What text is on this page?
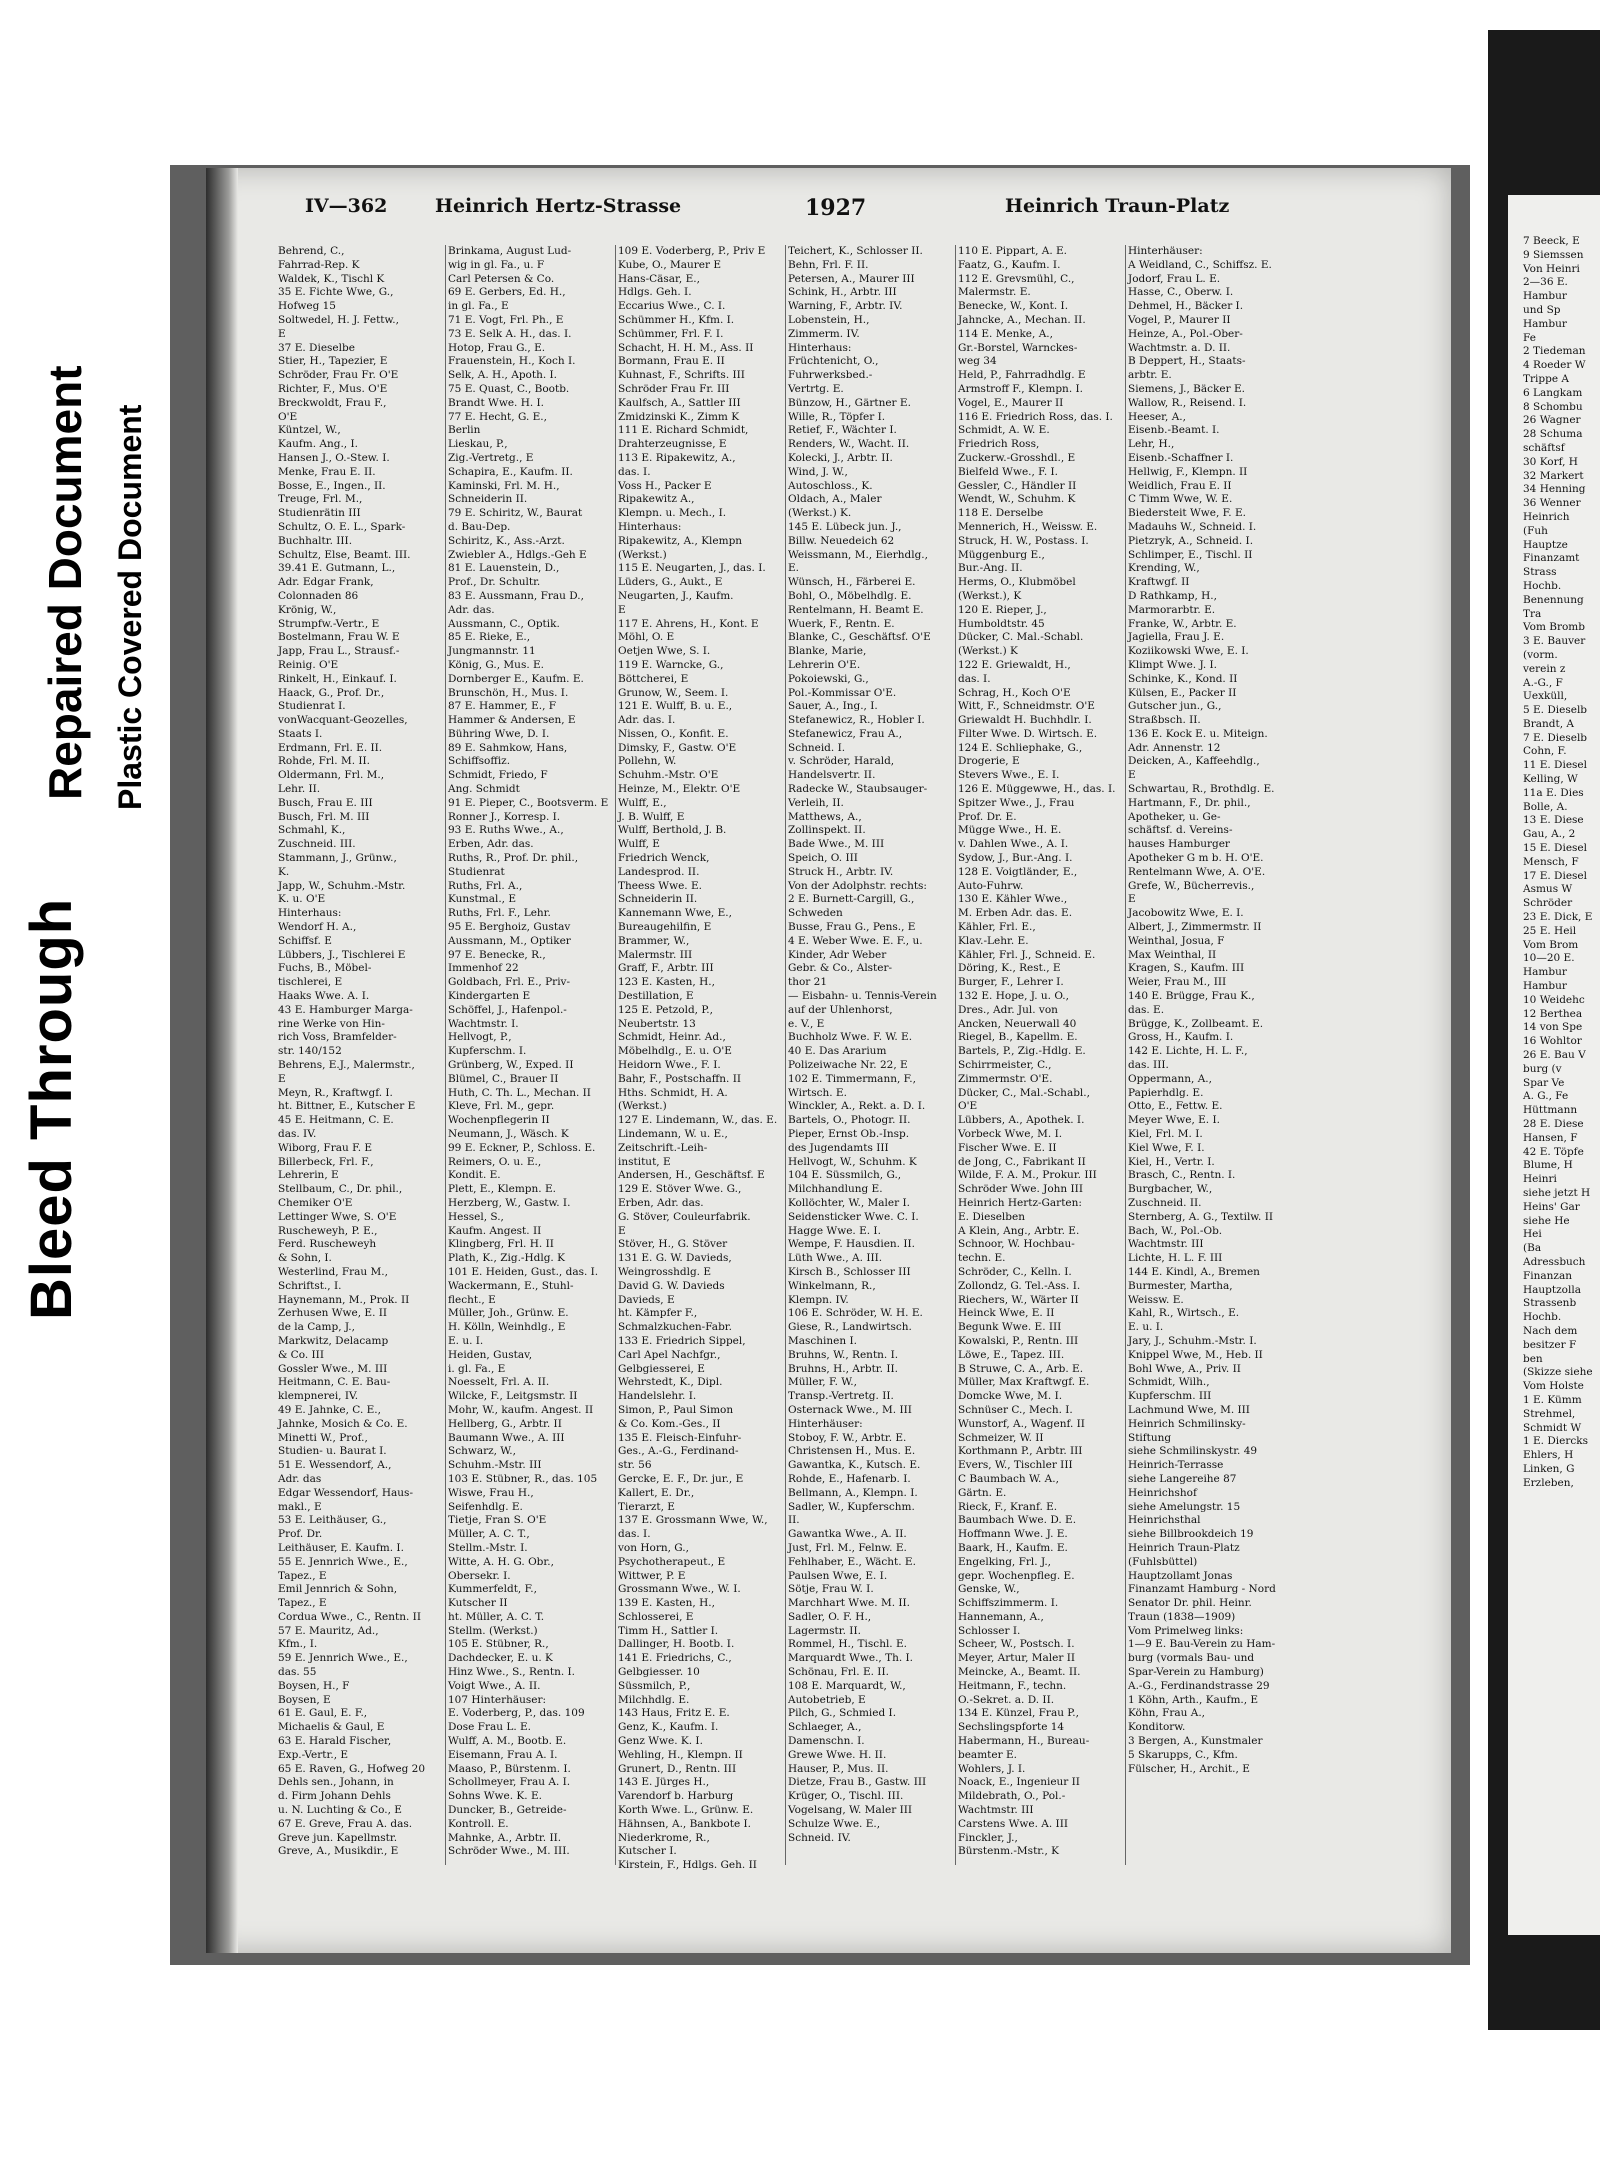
Bleed Through
Repaired Document Plastic Covered Document
IV—362	Heinrich Hertz-Strasse	1927	Heinrich Traun-Platz
Behrend, C.,
Fahrrad-Rep. K
Waldek, K., Tischl K
35 E. Fichte Wwe, G.,
Hofweg 15
Soltwedel, H. J. Fettw.,
E
37 E. Dieselbe
Stier, H., Tapezier, E
Schröder, Frau Fr. O'E
Richter, F., Mus. O'E
Breckwoldt, Frau F.,
O'E
Küntzel, W.,
Kaufm. Ang., I.
Hansen J., O.-Stew. I.
Menke, Frau E. II.
Bosse, E., Ingen., II.
Treuge, Frl. M.,
Studienrätin III
Schultz, O. E. L., Spark-
Buchhaltr. III.
Schultz, Else, Beamt. III.
39.41 E. Gutmann, L.,
Adr. Edgar Frank,
Colonnaden 86
Krönig, W.,
Strumpfw.-Vertr., E
Bostelmann, Frau W. E
Japp, Frau L., Strausf.-
Reinig. O'E
Rinkelt, H., Einkauf. I.
Haack, G., Prof. Dr.,
Studienrat I.
vonWacquant-Geozelles,
Staats I.
Erdmann, Frl. E. II.
Rohde, Frl. M. II.
Oldermann, Frl. M.,
Lehr. II.
Busch, Frau E. III
Busch, Frl. M. III
Schmahl, K.,
Zuschneid. III.
Stammann, J., Grünw.,
K.
Japp, W., Schuhm.-Mstr.
K. u. O'E
Hinterhaus:
Wendorf H. A.,
Schiffsf. E
Lübbers, J., Tischlerei E
Fuchs, B., Möbel-
tischlerei, E
Haaks Wwe. A. I.
43 E. Hamburger Marga-
rine Werke von Hin-
rich Voss, Bramfelder-
str. 140/152
Behrens, E.J., Malermstr.,
E
Meyn, R., Kraftwgf. I.
ht. Bittner, E., Kutscher E
45 E. Heitmann, C. E.
das. IV.
Wiborg, Frau F. E
Billerbeck, Frl. F.,
Lehrerin, E
Stellbaum, C., Dr. phil.,
Chemiker O'E
Lettinger Wwe, S. O'E
Ruscheweyh, P. E.,
Ferd. Ruscheweyh
& Sohn, I.
Westerlind, Frau M.,
Schriftst., I.
Haynemann, M., Prok. II
Zerhusen Wwe, E. II
de la Camp, J.,
Markwitz, Delacamp
& Co. III
Gossler Wwe., M. III
Heitmann, C. E. Bau-
klempnerei, IV.
49 E. Jahnke, C. E.,
Jahnke, Mosich & Co. E.
Minetti W., Prof.,
Studien- u. Baurat I.
51 E. Wessendorf, A.,
Adr. das
Edgar Wessendorf, Haus-
makl., E
53 E. Leithäuser, G.,
Prof. Dr.
Leithäuser, E. Kaufm. I.
55 E. Jennrich Wwe., E.,
Tapez., E
Emil Jennrich & Sohn,
Tapez., E
Cordua Wwe., C., Rentn. II
57 E. Mauritz, Ad.,
Kfm., I.
59 E. Jennrich Wwe., E.,
das. 55
Boysen, H., F
Boysen, E
61 E. Gaul, E. F.,
Michaelis & Gaul, E
63 E. Harald Fischer,
Exp.-Vertr., E
65 E. Raven, G., Hofweg 20
Dehls sen., Johann, in
d. Firm Johann Dehls
u. N. Luchting & Co., E
67 E. Greve, Frau A. das.
Greve jun. Kapellmstr.
Greve, A., Musikdir., E
Brinkama, August Lud-
wig in gl. Fa., u. F
Carl Petersen & Co.
69 E. Gerbers, Ed. H.,
in gl. Fa., E
71 E. Vogt, Frl. Ph., E
73 E. Selk A. H., das. I.
Hotop, Frau G., E.
Frauenstein, H., Koch I.
Selk, A. H., Apoth. I.
75 E. Quast, C., Bootb.
Brandt Wwe. H. I.
77 E. Hecht, G. E.,
Berlin
Lieskau, P.,
Zig.-Vertretg., E
Schapira, E., Kaufm. II.
Kaminski, Frl. M. H.,
Schneiderin II.
79 E. Schiritz, W., Baurat
d. Bau-Dep.
Schiritz, K., Ass.-Arzt.
Zwiebler A., Hdlgs.-Geh E
81 E. Lauenstein, D.,
Prof., Dr. Schultr.
83 E. Aussmann, Frau D.,
Adr. das.
Aussmann, C., Optik.
85 E. Rieke, E.,
Jungmannstr. 11
König, G., Mus. E.
Dornberger E., Kaufm. E.
Brunschön, H., Mus. I.
87 E. Hammer, E., F
Hammer & Andersen, E
Bühring Wwe, D. I.
89 E. Sahmkow, Hans,
Schiffsoffiz.
Schmidt, Friedo, F
Ang. Schmidt
91 E. Pieper, C., Bootsverm. E
Ronner J., Korresp. I.
93 E. Ruths Wwe., A.,
Erben, Adr. das.
Ruths, R., Prof. Dr. phil.,
Studienrat
Ruths, Frl. A.,
Kunstmal., E
Ruths, Frl. F., Lehr.
95 E. Berghoiz, Gustav
Aussmann, M., Optiker
97 E. Benecke, R.,
Immenhof 22
Goldbach, Frl. E., Priv-
Kindergarten E
Schöffel, J., Hafenpol.-
Wachtmstr. I.
Hellvogt, P.,
Kupferschm. I.
Grünberg, W., Exped. II
Blümel, C., Brauer II
Huth, C. Th. L., Mechan. II
Kleve, Frl. M., gepr.
Wochenpflegerin II
Neumann, J., Wäsch. K
99 E. Eckner, P., Schloss. E.
Reimers, O. u. E.,
Kondit. E.
Plett, E., Klempn. E.
Herzberg, W., Gastw. I.
Hessel, S.,
Kaufm. Angest. II
Klingberg, Frl. H. II
Plath, K., Zig.-Hdlg. K
101 E. Heiden, Gust., das. I.
Wackermann, E., Stuhl-
flecht., E
Müller, Joh., Grünw. E.
H. Kölln, Weinhdlg., E
E. u. I.
Heiden, Gustav,
i. gl. Fa., E
Noesselt, Frl. A. II.
Wilcke, F., Leitgsmstr. II
Mohr, W., kaufm. Angest. II
Hellberg, G., Arbtr. II
Baumann Wwe., A. III
Schwarz, W.,
Schuhm.-Mstr. III
103 E. Stübner, R., das. 105
Wiswe, Frau H.,
Seifenhdlg. E.
Tietje, Fran S. O'E
Müller, A. C. T.,
Stellm.-Mstr. I.
Witte, A. H. G. Obr.,
Obersekr. I.
Kummerfeldt, F.,
Kutscher II
ht. Müller, A. C. T.
Stellm. (Werkst.)
105 E. Stübner, R.,
Dachdecker, E. u. K
Hinz Wwe., S., Rentn. I.
Voigt Wwe., A. II.
107 Hinterhäuser:
E. Voderberg, P., das. 109
Dose Frau L. E.
Wulff, A. M., Bootb. E.
Eisemann, Frau A. I.
Maaso, P., Bürstenm. I.
Schollmeyer, Frau A. I.
Sohns Wwe. K. E.
Duncker, B., Getreide-
Kontroll. E.
Mahnke, A., Arbtr. II.
Schröder Wwe., M. III.
109 E. Voderberg, P., Priv E
Kube, O., Maurer E
Hans-Cäsar, E.,
Hdlgs. Geh. I.
Eccarius Wwe., C. I.
Schümmer H., Kfm. I.
Schümmer, Frl. F. I.
Schacht, H. H. M., Ass. II
Bormann, Frau E. II
Kuhnast, F., Schrifts. III
Schröder Frau Fr. III
Kaulfsch, A., Sattler III
Zmidzinski K., Zimm K
111 E. Richard Schmidt,
Drahterzeugnisse, E
113 E. Ripakewitz, A.,
das. I.
Voss H., Packer E
Ripakewitz A.,
Klempn. u. Mech., I.
Hinterhaus:
Ripakewitz, A., Klempn
(Werkst.)
115 E. Neugarten, J., das. I.
Lüders, G., Aukt., E
Neugarten, J., Kaufm.
E
117 E. Ahrens, H., Kont. E
Möhl, O. E
Oetjen Wwe, S. I.
119 E. Warncke, G.,
Böttcherei, E
Grunow, W., Seem. I.
121 E. Wulff, B. u. E.,
Adr. das. I.
Nissen, O., Konfit. E.
Dimsky, F., Gastw. O'E
Pollehn, W.
Schuhm.-Mstr. O'E
Heinze, M., Elektr. O'E
Wulff, E.,
J. B. Wulff, E
Wulff, Berthold, J. B.
Wulff, E
Friedrich Wenck,
Landesprod. II.
Theess Wwe. E.
Schneiderin II.
Kannemann Wwe, E.,
Bureaugehilfin, E
Brammer, W.,
Malermstr. III
Graff, F., Arbtr. III
123 E. Kasten, H.,
Destillation, E
125 E. Petzold, P.,
Neubertstr. 13
Schmidt, Heinr. Ad.,
Möbelhdlg., E. u. O'E
Heidorn Wwe., F. I.
Bahr, F., Postschaffn. II
Hths. Schmidt, H. A.
(Werkst.)
127 E. Lindemann, W., das. E.
Lindemann, W. u. E.,
Zeitschrift.-Leih-
institut, E
Andersen, H., Geschäftsf. E
129 E. Stöver Wwe. G.,
Erben, Adr. das.
G. Stöver, Couleurfabrik.
E
Stöver, H., G. Stöver
131 E. G. W. Davieds,
Weingrosshdlg. E
David G. W. Davieds
Davieds, E
ht. Kämpfer F.,
Schmalzkuchen-Fabr.
133 E. Friedrich Sippel,
Carl Apel Nachfgr.,
Gelbgiesserei, E
Wehrstedt, K., Dipl.
Handelslehr. I.
Simon, P., Paul Simon
& Co. Kom.-Ges., II
135 E. Fleisch-Einfuhr-
Ges., A.-G., Ferdinand-
str. 56
Gercke, E. F., Dr. jur., E
Kallert, E. Dr.,
Tierarzt, E
137 E. Grossmann Wwe, W.,
das. I.
von Horn, G.,
Psychotherapeut., E
Wittwer, P. E
Grossmann Wwe., W. I.
139 E. Kasten, H.,
Schlosserei, E
Timm H., Sattler I.
Dallinger, H. Bootb. I.
141 E. Friedrichs, C.,
Gelbgiesser. 10
Süssmilch, P.,
Milchhdlg. E.
143 Haus, Fritz E. E.
Genz, K., Kaufm. I.
Genz Wwe. K. I.
Wehling, H., Klempn. II
Grunert, D., Rentn. III
143 E. Jürges H.,
Varendorf b. Harburg
Korth Wwe. L., Grünw. E.
Hähnsen, A., Bankbote I.
Niederkrome, R.,
Kutscher I.
Kirstein, F., Hdlgs. Geh. II
Teichert, K., Schlosser II.
Behn, Frl. F. II.
Petersen, A., Maurer III
Schink, H., Arbtr. III
Warning, F., Arbtr. IV.
Lobenstein, H.,
Zimmerm. IV.
Hinterhaus:
Früchtenicht, O.,
Fuhrwerksbed.-
Vertrtg. E.
Bünzow, H., Gärtner E.
Wille, R., Töpfer I.
Retief, F., Wächter I.
Renders, W., Wacht. II.
Kolecki, J., Arbtr. II.
Wind, J. W.,
Autoschloss., K.
Oldach, A., Maler
(Werkst.) K.
145 E. Lübeck jun. J.,
Billw. Neuedeich 62
Weissmann, M., Eierhdlg.,
E.
Wünsch, H., Färberei E.
Bohl, O., Möbelhdlg. E.
Rentelmann, H. Beamt E.
Wuerk, F., Rentn. E.
Blanke, C., Geschäftsf. O'E
Blanke, Marie,
Lehrerin O'E.
Pokoiewski, G.,
Pol.-Kommissar O'E.
Sauer, A., Ing., I.
Stefanewicz, R., Hobler I.
Stefanewicz, Frau A.,
Schneid. I.
v. Schröder, Harald,
Handelsvertr. II.
Radecke W., Staubsauger-
Verleih, II.
Matthews, A.,
Zollinspekt. II.
Bade Wwe., M. III
Speich, O. III
Struck H., Arbtr. IV.
Von der Adolphstr. rechts:
2 E. Burnett-Cargill, G.,
Schweden
Busse, Frau G., Pens., E
4 E. Weber Wwe. E. F., u.
Kinder, Adr Weber
Gebr. & Co., Alster-
thor 21
— Eisbahn- u. Tennis-Verein
auf der Uhlenhorst,
e. V., E
Buchholz Wwe. F. W. E.
40 E. Das Ararium
Polizeiwache Nr. 22, E
102 E. Timmermann, F.,
Wirtsch. E.
Winckler, A., Rekt. a. D. I.
Bartels, O., Photogr. II.
Pieper, Ernst Ob.-Insp.
des Jugendamts III
Hellvogt, W., Schuhm. K
104 E. Süssmilch, G.,
Milchhandlung E.
Kollöchter, W., Maler I.
Seidensticker Wwe. C. I.
Hagge Wwe. E. I.
Wempe, F. Hausdien. II.
Lüth Wwe., A. III.
Kirsch B., Schlosser III
Winkelmann, R.,
Klempn. IV.
106 E. Schröder, W. H. E.
Giese, R., Landwirtsch.
Maschinen I.
Bruhns, W., Rentn. I.
Bruhns, H., Arbtr. II.
Müller, F. W.,
Transp.-Vertretg. II.
Osternack Wwe., M. III
Hinterhäuser:
Stoboy, F. W., Arbtr. E.
Christensen H., Mus. E.
Gawantka, K., Kutsch. E.
Rohde, E., Hafenarb. I.
Bellmann, A., Klempn. I.
Sadler, W., Kupferschm.
II.
Gawantka Wwe., A. II.
Just, Frl. M., Felnw. E.
Fehlhaber, E., Wächt. E.
Paulsen Wwe, E. I.
Sötje, Frau W. I.
Marchhart Wwe. M. II.
Sadler, O. F. H.,
Lagermstr. II.
Rommel, H., Tischl. E.
Marquardt Wwe., Th. I.
Schönau, Frl. E. II.
108 E. Marquardt, W.,
Autobetrieb, E
Pilch, G., Schmied I.
Schlaeger, A.,
Damenschn. I.
Grewe Wwe. H. II.
Hauser, P., Mus. II.
Dietze, Frau B., Gastw. III
Krüger, O., Tischl. III.
Vogelsang, W. Maler III
Schulze Wwe. E.,
Schneid. IV.
110 E. Pippart, A. E.
Faatz, G., Kaufm. I.
112 E. Grevsmühl, C.,
Malermstr. E.
Benecke, W., Kont. I.
Jahncke, A., Mechan. II.
114 E. Menke, A.,
Gr.-Borstel, Warnckes-
weg 34
Held, P., Fahrradhdlg. E
Armstroff F., Klempn. I.
Vogel, E., Maurer II
116 E. Friedrich Ross, das. I.
Schmidt, A. W. E.
Friedrich Ross,
Zuckerw.-Grosshdl., E
Bielfeld Wwe., F. I.
Gessler, C., Händler II
Wendt, W., Schuhm. K
118 E. Derselbe
Mennerich, H., Weissw. E.
Struck, H. W., Postass. I.
Müggenburg E.,
Bur.-Ang. II.
Herms, O., Klubmöbel
(Werkst.), K
120 E. Rieper, J.,
Humboldtstr. 45
Dücker, C. Mal.-Schabl.
(Werkst.) K
122 E. Griewaldt, H.,
das. I.
Schrag, H., Koch O'E
Witt, F., Schneidmstr. O'E
Griewaldt H. Buchhdlr. I.
Filter Wwe. D. Wirtsch. E.
124 E. Schliephake, G.,
Drogerie, E
Stevers Wwe., E. I.
126 E. Müggewwe, H., das. I.
Spitzer Wwe., J., Frau
Prof. Dr. E.
Mügge Wwe., H. E.
v. Dahlen Wwe., A. I.
Sydow, J., Bur.-Ang. I.
128 E. Voigtländer, E.,
Auto-Fuhrw.
130 E. Kähler Wwe.,
M. Erben Adr. das. E.
Kähler, Frl. E.,
Klav.-Lehr. E.
Kähler, Frl. J., Schneid. E.
Döring, K., Rest., E
Burger, F., Lehrer I.
132 E. Hope, J. u. O.,
Dres., Adr. Jul. von
Ancken, Neuerwall 40
Riegel, B., Kapellm. E.
Bartels, P., Zig.-Hdlg. E.
Schirrmeister, C.,
Zimmermstr. O'E.
Dücker, C., Mal.-Schabl.,
O'E
Lübbers, A., Apothek. I.
Vorbeck Wwe, M. I.
Fischer Wwe. E. II
de Jong, C., Fabrikant II
Wilde, F. A. M., Prokur. III
Schröder Wwe. John III
Heinrich Hertz-Garten:
E. Dieselben
A Klein, Ang., Arbtr. E.
Schnoor, W. Hochbau-
techn. E.
Schröder, C., Kelln. I.
Zollondz, G. Tel.-Ass. I.
Riechers, W., Wärter II
Heinck Wwe, E. II
Begunk Wwe. E. III
Kowalski, P., Rentn. III
Löwe, E., Tapez. III.
B Struwe, C. A., Arb. E.
Müller, Max Kraftwgf. E.
Domcke Wwe, M. I.
Schnüser C., Mech. I.
Wunstorf, A., Wagenf. II
Schmeizer, W. II
Korthmann P., Arbtr. III
Evers, W., Tischler III
C Baumbach W. A.,
Gärtn. E.
Rieck, F., Kranf. E.
Baumbach Wwe. D. E.
Hoffmann Wwe. J. E.
Baark, H., Kaufm. E.
Engelking, Frl. J.,
gepr. Wochenpfleg. E.
Genske, W.,
Schiffszimmerm. I.
Hannemann, A.,
Schlosser I.
Scheer, W., Postsch. I.
Meyer, Artur, Maler II
Meincke, A., Beamt. II.
Heitmann, F., techn.
O.-Sekret. a. D. II.
134 E. Künzel, Frau P.,
Sechslingspforte 14
Habermann, H., Bureau-
beamter E.
Wohlers, J. I.
Noack, E., Ingenieur II
Mildebrath, O., Pol.-
Wachtmstr. III
Carstens Wwe. A. III
Finckler, J.,
Bürstenm.-Mstr., K
Hinterhäuser:
A Weidland, C., Schiffsz. E.
Jodorf, Frau L. E.
Hasse, C., Oberw. I.
Dehmel, H., Bäcker I.
Vogel, P., Maurer II
Heinze, A., Pol.-Ober-
Wachtmstr. a. D. II.
B Deppert, H., Staats-
arbtr. E.
Siemens, J., Bäcker E.
Wallow, R., Reisend. I.
Heeser, A.,
Eisenb.-Beamt. I.
Lehr, H.,
Eisenb.-Schaffner I.
Hellwig, F., Klempn. II
Weidlich, Frau E. II
C Timm Wwe, W. E.
Biedersteit Wwe, F. E.
Madauhs W., Schneid. I.
Pietzryk, A., Schneid. I.
Schlimper, E., Tischl. II
Krending, W.,
Kraftwgf. II
D Rathkamp, H.,
Marmorarbtr. E.
Franke, W., Arbtr. E.
Jagiella, Frau J. E.
Koziikowski Wwe, E. I.
Klimpt Wwe. J. I.
Schinke, K., Kond. II
Külsen, E., Packer II
Gutscher jun., G.,
Straßbsch. II.
136 E. Kock E. u. Miteign.
Adr. Annenstr. 12
Deicken, A., Kaffeehdlg.,
E
Schwartau, R., Brothdlg. E.
Hartmann, F., Dr. phil.,
Apotheker, u. Ge-
schäftsf. d. Vereins-
hauses Hamburger
Apotheker G m b. H. O'E.
Rentelmann Wwe, A. O'E.
Grefe, W., Bücherrevis.,
E
Jacobowitz Wwe, E. I.
Albert, J., Zimmermstr. II
Weinthal, Josua, F
Max Weinthal, II
Kragen, S., Kaufm. III
Weier, Frau M., III
140 E. Brügge, Frau K.,
das. E.
Brügge, K., Zollbeamt. E.
Gross, H., Kaufm. I.
142 E. Lichte, H. L. F.,
das. III.
Oppermann, A.,
Papierhdlg. E.
Otto, E., Fettw. E.
Meyer Wwe, E. I.
Kiel, Frl. M. I.
Kiel Wwe, F. I.
Kiel, H., Vertr. I.
Brasch, C., Rentn. I.
Burgbacher, W.,
Zuschneid. II.
Sternberg, A. G., Textilw. II
Bach, W., Pol.-Ob.
Wachtmstr. III
Lichte, H. L. F. III
144 E. Kindl, A., Bremen
Burmester, Martha,
Weissw. E.
Kahl, R., Wirtsch., E.
E. u. I.
Jary, J., Schuhm.-Mstr. I.
Knippel Wwe, M., Heb. II
Bohl Wwe, A., Priv. II
Schmidt, Wilh.,
Kupferschm. III
Lachmund Wwe, M. III
Heinrich Schmilinsky-
Stiftung
siehe Schmilinskystr. 49
Heinrich-Terrasse
siehe Langereihe 87
Heinrichshof
siehe Amelungstr. 15
Heinrichsthal
siehe Billbrookdeich 19
Heinrich Traun-Platz
(Fuhlsbüttel)
Hauptzollamt Jonas
Finanzamt Hamburg - Nord
Senator Dr. phil. Heinr.
Traun (1838—1909)
Vom Primelweg links:
1—9 E. Bau-Verein zu Ham-
burg (vormals Bau- und
Spar-Verein zu Hamburg)
A.-G., Ferdinandstrasse 29
1 Köhn, Arth., Kaufm., E
Köhn, Frau A.,
Konditorw.
3 Bergen, A., Kunstmaler
5 Skarupps, C., Kfm.
Fülscher, H., Archit., E
7 Beeck, E
9 Siemssen
Von Heinri
2—36 E.
Hambur
und Sp
Hambur
Fe
2 Tiedeman
4 Roeder W
Trippe A
6 Langkam
8 Schombu
26 Wagner
28 Schuma
schäftsf
30 Korf, H
32 Markert
34 Henning
36 Wenner
Heinrich
(Fuh
Hauptze
Finanzamt
Strass
Hochb.
Benennung
Tra
Vom Bromb
3 E. Bauver
(vorm.
verein z
A.-G., F
Uexküll,
5 E. Dieselb
Brandt, A
7 E. Dieselb
Cohn, F.
11 E. Diesel
Kelling, W
11a E. Dies
Bolle, A.
13 E. Diese
Gau, A., 2
15 E. Diesel
Mensch, F
17 E. Diesel
Asmus W
Schröder
23 E. Dick, E
25 E. Heil
Vom Brom
10—20 E.
Hambur
Hambur
10 Weidehc
12 Berthea
14 von Spe
16 Wohltor
26 E. Bau V
burg (v
Spar Ve
A. G., Fe
Hüttmann
28 E. Diese
Hansen, F
42 E. Töpfe
Blume, H
Heinri
siehe jetzt H
Heins' Gar
siehe He
Hei
(Ba
Adressbuch
Finanzan
Hauptzolla
Strassenb
Hochb.
Nach dem
besitzer F
ben
(Skizze siehe
Vom Holste
1 E. Kümm
Strehmel,
Schmidt W
1 E. Diercks
Ehlers, H
Linken, G
Erzleben,
